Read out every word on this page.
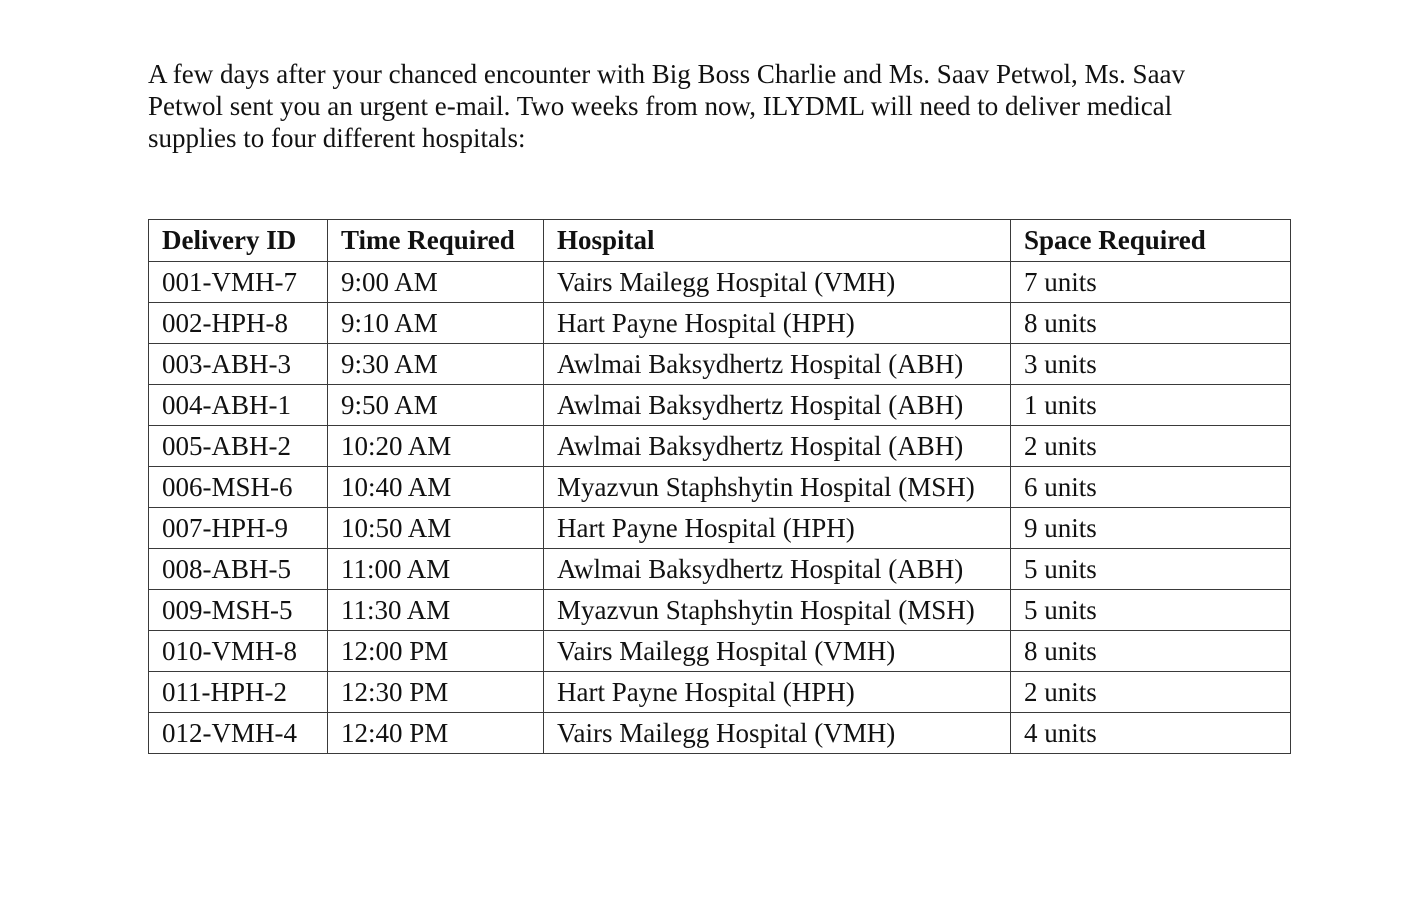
A few days after your chanced encounter with Big Boss Charlie and Ms. Saav Petwol, Ms. Saav
Petwol sent you an urgent e-mail. Two weeks from now, ILYDML will need to deliver medical
supplies to four different hospitals:

Delivery ID	Time Required	Hospital	Space Required
001-VMH-7	9:00 AM	Vairs Mailegg Hospital (VMH)	7 units
002-HPH-8	9:10 AM	Hart Payne Hospital (HPH)	8 units
003-ABH-3	9:30 AM	Awlmai Baksydhertz Hospital (ABH)	3 units
004-ABH-1	9:50 AM	Awlmai Baksydhertz Hospital (ABH)	1 units
005-ABH-2	10:20 AM	Awlmai Baksydhertz Hospital (ABH)	2 units
006-MSH-6	10:40 AM	Myazvun Staphshytin Hospital (MSH)	6 units
007-HPH-9	10:50 AM	Hart Payne Hospital (HPH)	9 units
008-ABH-5	11:00 AM	Awlmai Baksydhertz Hospital (ABH)	5 units
009-MSH-5	11:30 AM	Myazvun Staphshytin Hospital (MSH)	5 units
010-VMH-8	12:00 PM	Vairs Mailegg Hospital (VMH)	8 units
011-HPH-2	12:30 PM	Hart Payne Hospital (HPH)	2 units
012-VMH-4	12:40 PM	Vairs Mailegg Hospital (VMH)	4 units
